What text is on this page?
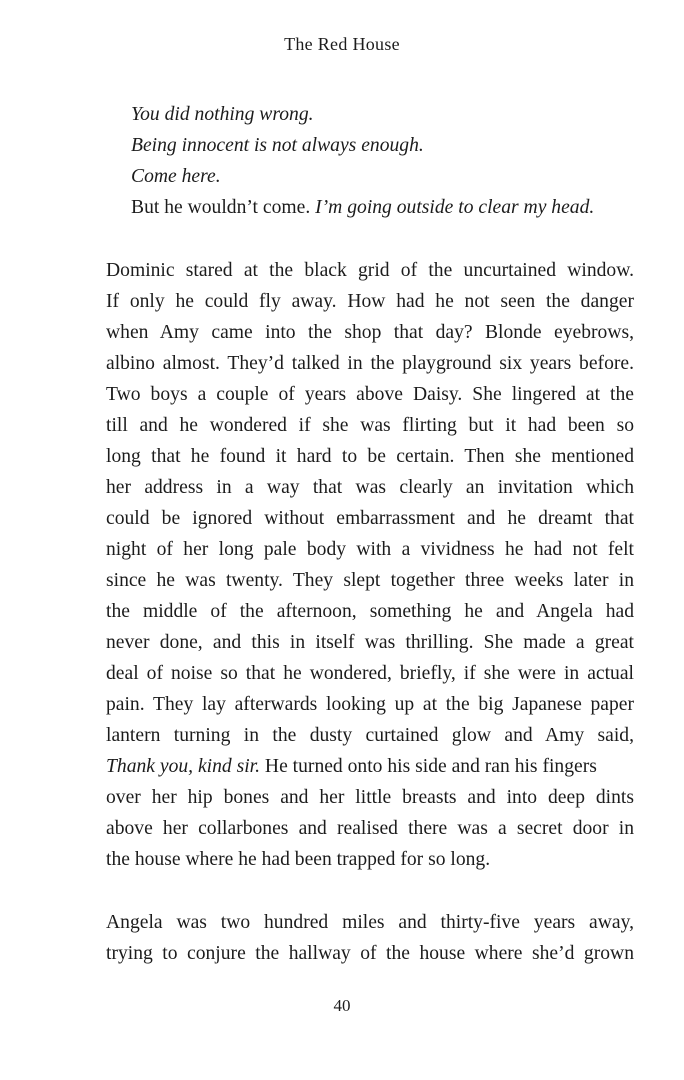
The Red House
You did nothing wrong.
Being innocent is not always enough.
Come here.
But he wouldn’t come. I’m going outside to clear my head.
Dominic stared at the black grid of the uncurtained window.
If only he could fly away. How had he not seen the danger
when Amy came into the shop that day? Blonde eyebrows,
albino almost. They’d talked in the playground six years before.
Two boys a couple of years above Daisy. She lingered at the
till and he wondered if she was flirting but it had been so
long that he found it hard to be certain. Then she mentioned
her address in a way that was clearly an invitation which
could be ignored without embarrassment and he dreamt that
night of her long pale body with a vividness he had not felt
since he was twenty. They slept together three weeks later in
the middle of the afternoon, something he and Angela had
never done, and this in itself was thrilling. She made a great
deal of noise so that he wondered, briefly, if she were in actual
pain. They lay afterwards looking up at the big Japanese paper
lantern turning in the dusty curtained glow and Amy said,
Thank you, kind sir. He turned onto his side and ran his fingers
over her hip bones and her little breasts and into deep dints
above her collarbones and realised there was a secret door in
the house where he had been trapped for so long.
Angela was two hundred miles and thirty-five years away,
trying to conjure the hallway of the house where she’d grown
40
